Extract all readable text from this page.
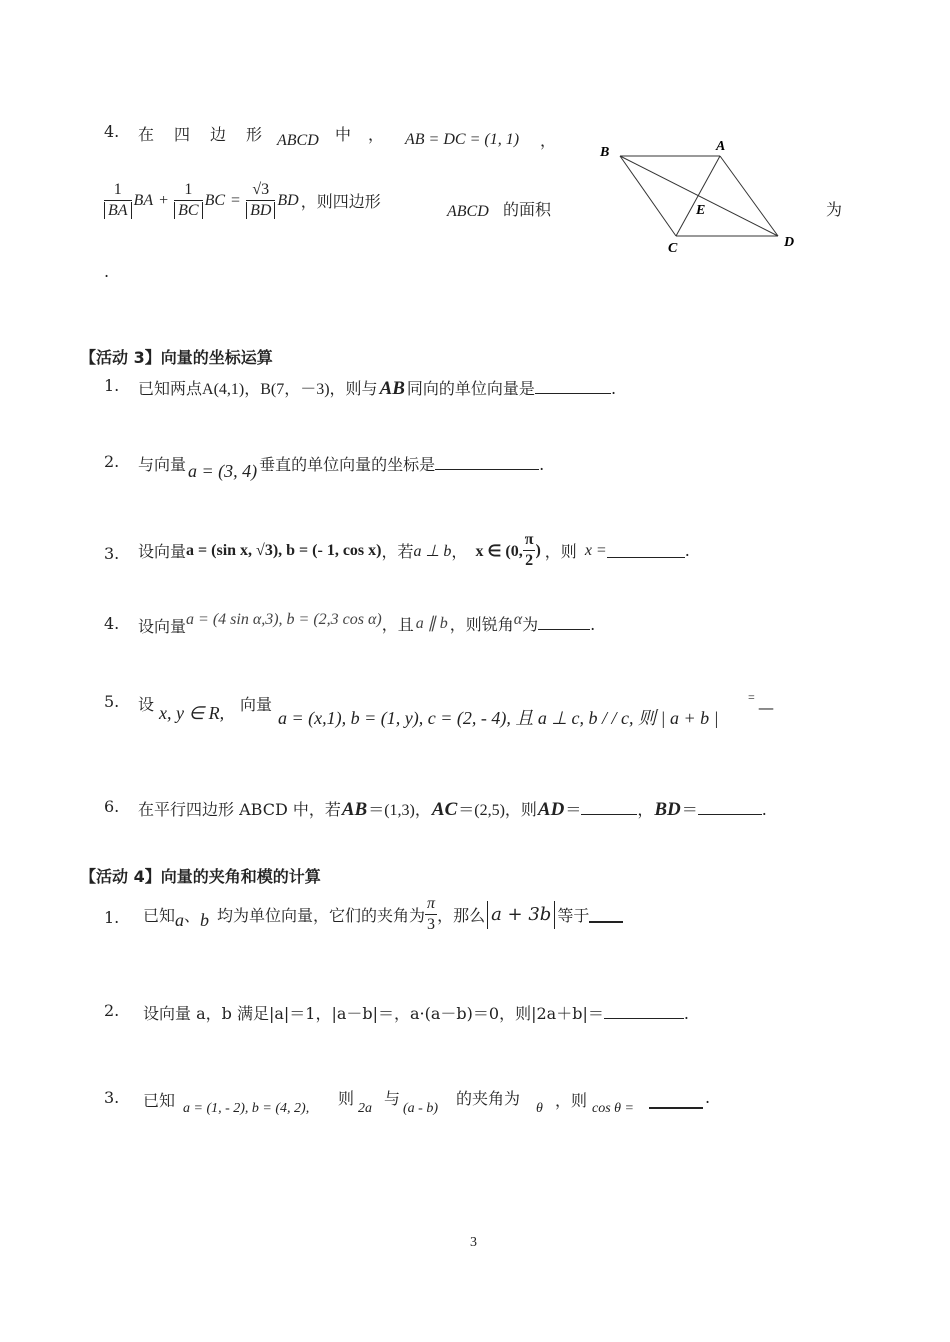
4. 在　四　边　形 ABCD 中 ， AB = DC = (1, 1) ，
$\frac{1}{BA}$ BA + $\frac{1}{BC}$ BC = $\frac{√3}{BD}$ BD ，则四边形
ABCD 的面积	为
.
B	A
E
C	D
【活动 3】向量的坐标运算
1. 已知两点A(4,1)，B(7，－3)，则与 AB 同向的单位向量是	.
2. 与向量 a = (3, 4) 垂直的单位向量的坐标是	.
3. 设向量 a = (sin x, √3), b = (- 1, cos x) ，若 a ⊥ b ， x ∈ (0, $\frac{\pi}{2}$ ) ，则 x =	.
4. 设向量a = (4 sin α,3), b = (2,3 cos α)，且 a ∥ b ，则锐角α为	.
5. 设 x, y ∈ R, 向量
a = (x,1), b = (1, y), c = (2, - 4), 且 a ⊥ c, b / / c, 则 | a + b |
=
—
6. 在平行四边形 ABCD 中，若AB＝(1,3)，AC＝(2,5)，则AD＝	，BD＝	.
【活动 4】向量的夹角和模的计算
1. 已知 a 、 b 均为单位向量，它们的夹角为 $\frac{\pi}{3}$ ，那么 a + 3b 等于
2. 设向量 a，b 满足|a|＝1，|a－b|＝，a·(a－b)＝0，则|2a＋b|＝	.
3. 已知 a = (1, - 2), b = (4, 2),
则
2a
与
(a - b)
的夹角为
θ ，则 cos θ =
.
3
